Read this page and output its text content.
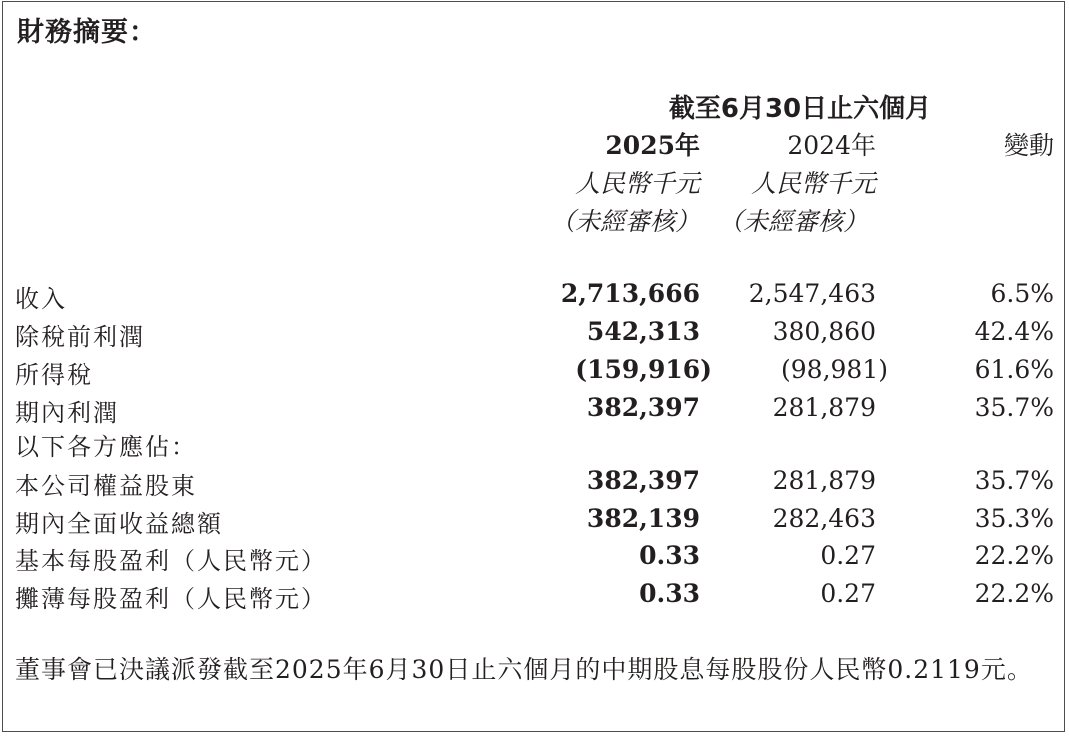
財務摘要：
截至6月30日止六個月
2025年	2024年	變動
人民幣千元	人民幣千元
（未經審核） （未經審核）
收入	2,713,666	2,547,463	6.5%
除稅前利潤	542,313	380,860	42.4%
所得稅	(159,916)	(98,981)	61.6%
期內利潤	382,397	281,879	35.7%
以下各方應佔：
本公司權益股東	382,397	281,879	35.7%
期內全面收益總額	382,139	282,463	35.3%
基本每股盈利（人民幣元）	0.33	0.27	22.2%
攤薄每股盈利（人民幣元）	0.33	0.27	22.2%
董事會已決議派發截至2025年6月30日止六個月的中期股息每股股份人民幣0.2119元。
